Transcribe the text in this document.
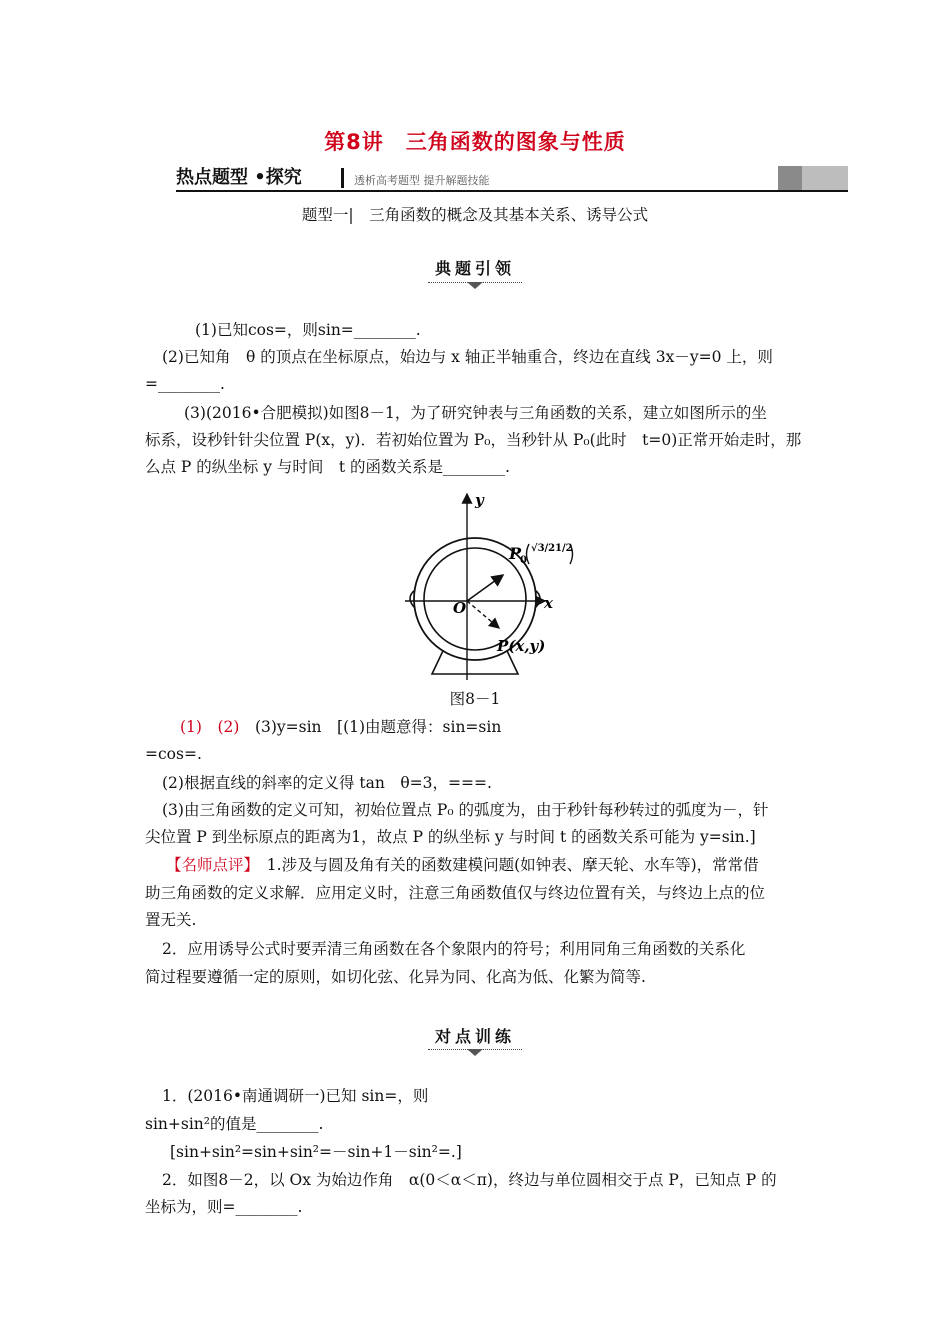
第8讲　三角函数的图象与性质
热点题型 •探究	透析高考题型 提升解题技能
题型一|　三角函数的概念及其基本关系、诱导公式
典题引领
(1)已知cos=，则sin=________.
(2)已知角　θ 的顶点在坐标原点，始边与 x 轴正半轴重合，终边在直线 3x－y=0 上，则
=________.
(3)(2016•合肥模拟)如图8－1，为了研究钟表与三角函数的关系，建立如图所示的坐
标系，设秒针针尖位置 P(x，y)．若初始位置为 P₀，当秒针从 P₀(此时　t=0)正常开始走时，那
么点 P 的纵坐标 y 与时间　t 的函数关系是________.
y
x
O
P
0
√3/2 1/2
P(x,y)
图8－1
(1)　(2)　 (3)y=sin　[(1)由题意得：sin=sin
=cos=.
(2)根据直线的斜率的定义得 tan　θ=3，===.
(3)由三角函数的定义可知，初始位置点 P₀ 的弧度为，由于秒针每秒转过的弧度为－，针
尖位置 P 到坐标原点的距离为1，故点 P 的纵坐标 y 与时间 t 的函数关系可能为 y=sin.]
【名师点评】　 1.涉及与圆及角有关的函数建模问题(如钟表、摩天轮、水车等)，常常借
助三角函数的定义求解．应用定义时，注意三角函数值仅与终边位置有关，与终边上点的位
置无关.
2．应用诱导公式时要弄清三角函数在各个象限内的符号；利用同角三角函数的关系化
简过程要遵循一定的原则，如切化弦、化异为同、化高为低、化繁为简等.
对点训练
1．(2016•南通调研一)已知 sin=，则
sin+sin²的值是________.
[sin+sin²=sin+sin²=－sin+1－sin²=.]
2．如图8－2，以 Ox 为始边作角　α(0＜α＜π)，终边与单位圆相交于点 P，已知点 P 的
坐标为，则=________.
